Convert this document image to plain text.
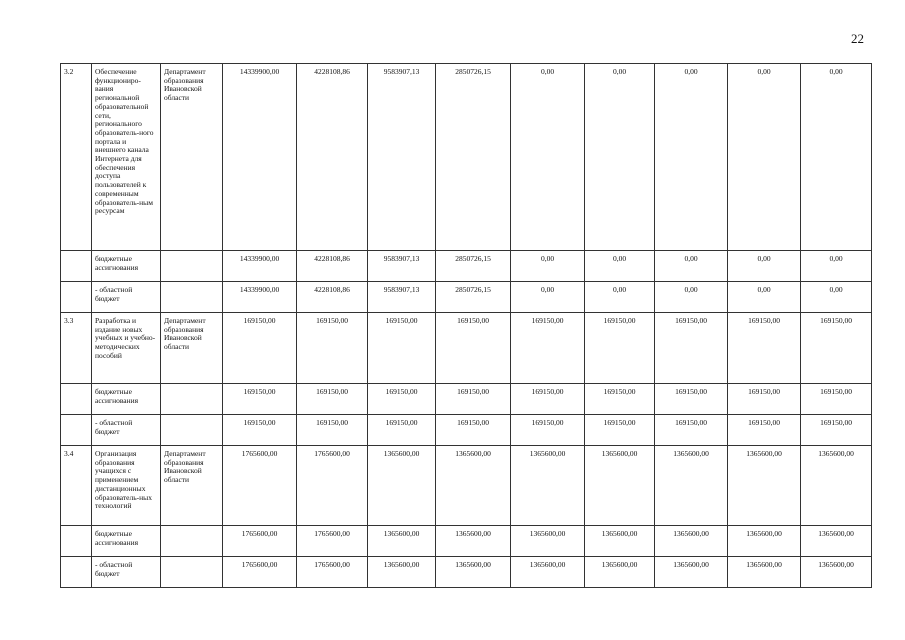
22
3.2	Обеспечение функциониро-вания региональной образовательной сети, регионального образователь-ного портала и внешнего канала Интернета для обеспечения доступа пользователей к современным образователь-ным ресурсам	Департамент образования Ивановской области	14339900,00	4228108,86	9583907,13	2850726,15	0,00	0,00	0,00	0,00	0,00
	бюджетные ассигнования		14339900,00	4228108,86	9583907,13	2850726,15	0,00	0,00	0,00	0,00	0,00
	- областной бюджет		14339900,00	4228108,86	9583907,13	2850726,15	0,00	0,00	0,00	0,00	0,00
3.3	Разработка и издание новых учебных и учебно-методических пособий	Департамент образования Ивановской области	169150,00	169150,00	169150,00	169150,00	169150,00	169150,00	169150,00	169150,00	169150,00
	бюджетные ассигнования		169150,00	169150,00	169150,00	169150,00	169150,00	169150,00	169150,00	169150,00	169150,00
	- областной бюджет		169150,00	169150,00	169150,00	169150,00	169150,00	169150,00	169150,00	169150,00	169150,00
3.4	Организация образования учащихся с применением дистанционных образователь-ных технологий	Департамент образования Ивановской области	1765600,00	1765600,00	1365600,00	1365600,00	1365600,00	1365600,00	1365600,00	1365600,00	1365600,00
	бюджетные ассигнования		1765600,00	1765600,00	1365600,00	1365600,00	1365600,00	1365600,00	1365600,00	1365600,00	1365600,00
	- областной бюджет		1765600,00	1765600,00	1365600,00	1365600,00	1365600,00	1365600,00	1365600,00	1365600,00	1365600,00
